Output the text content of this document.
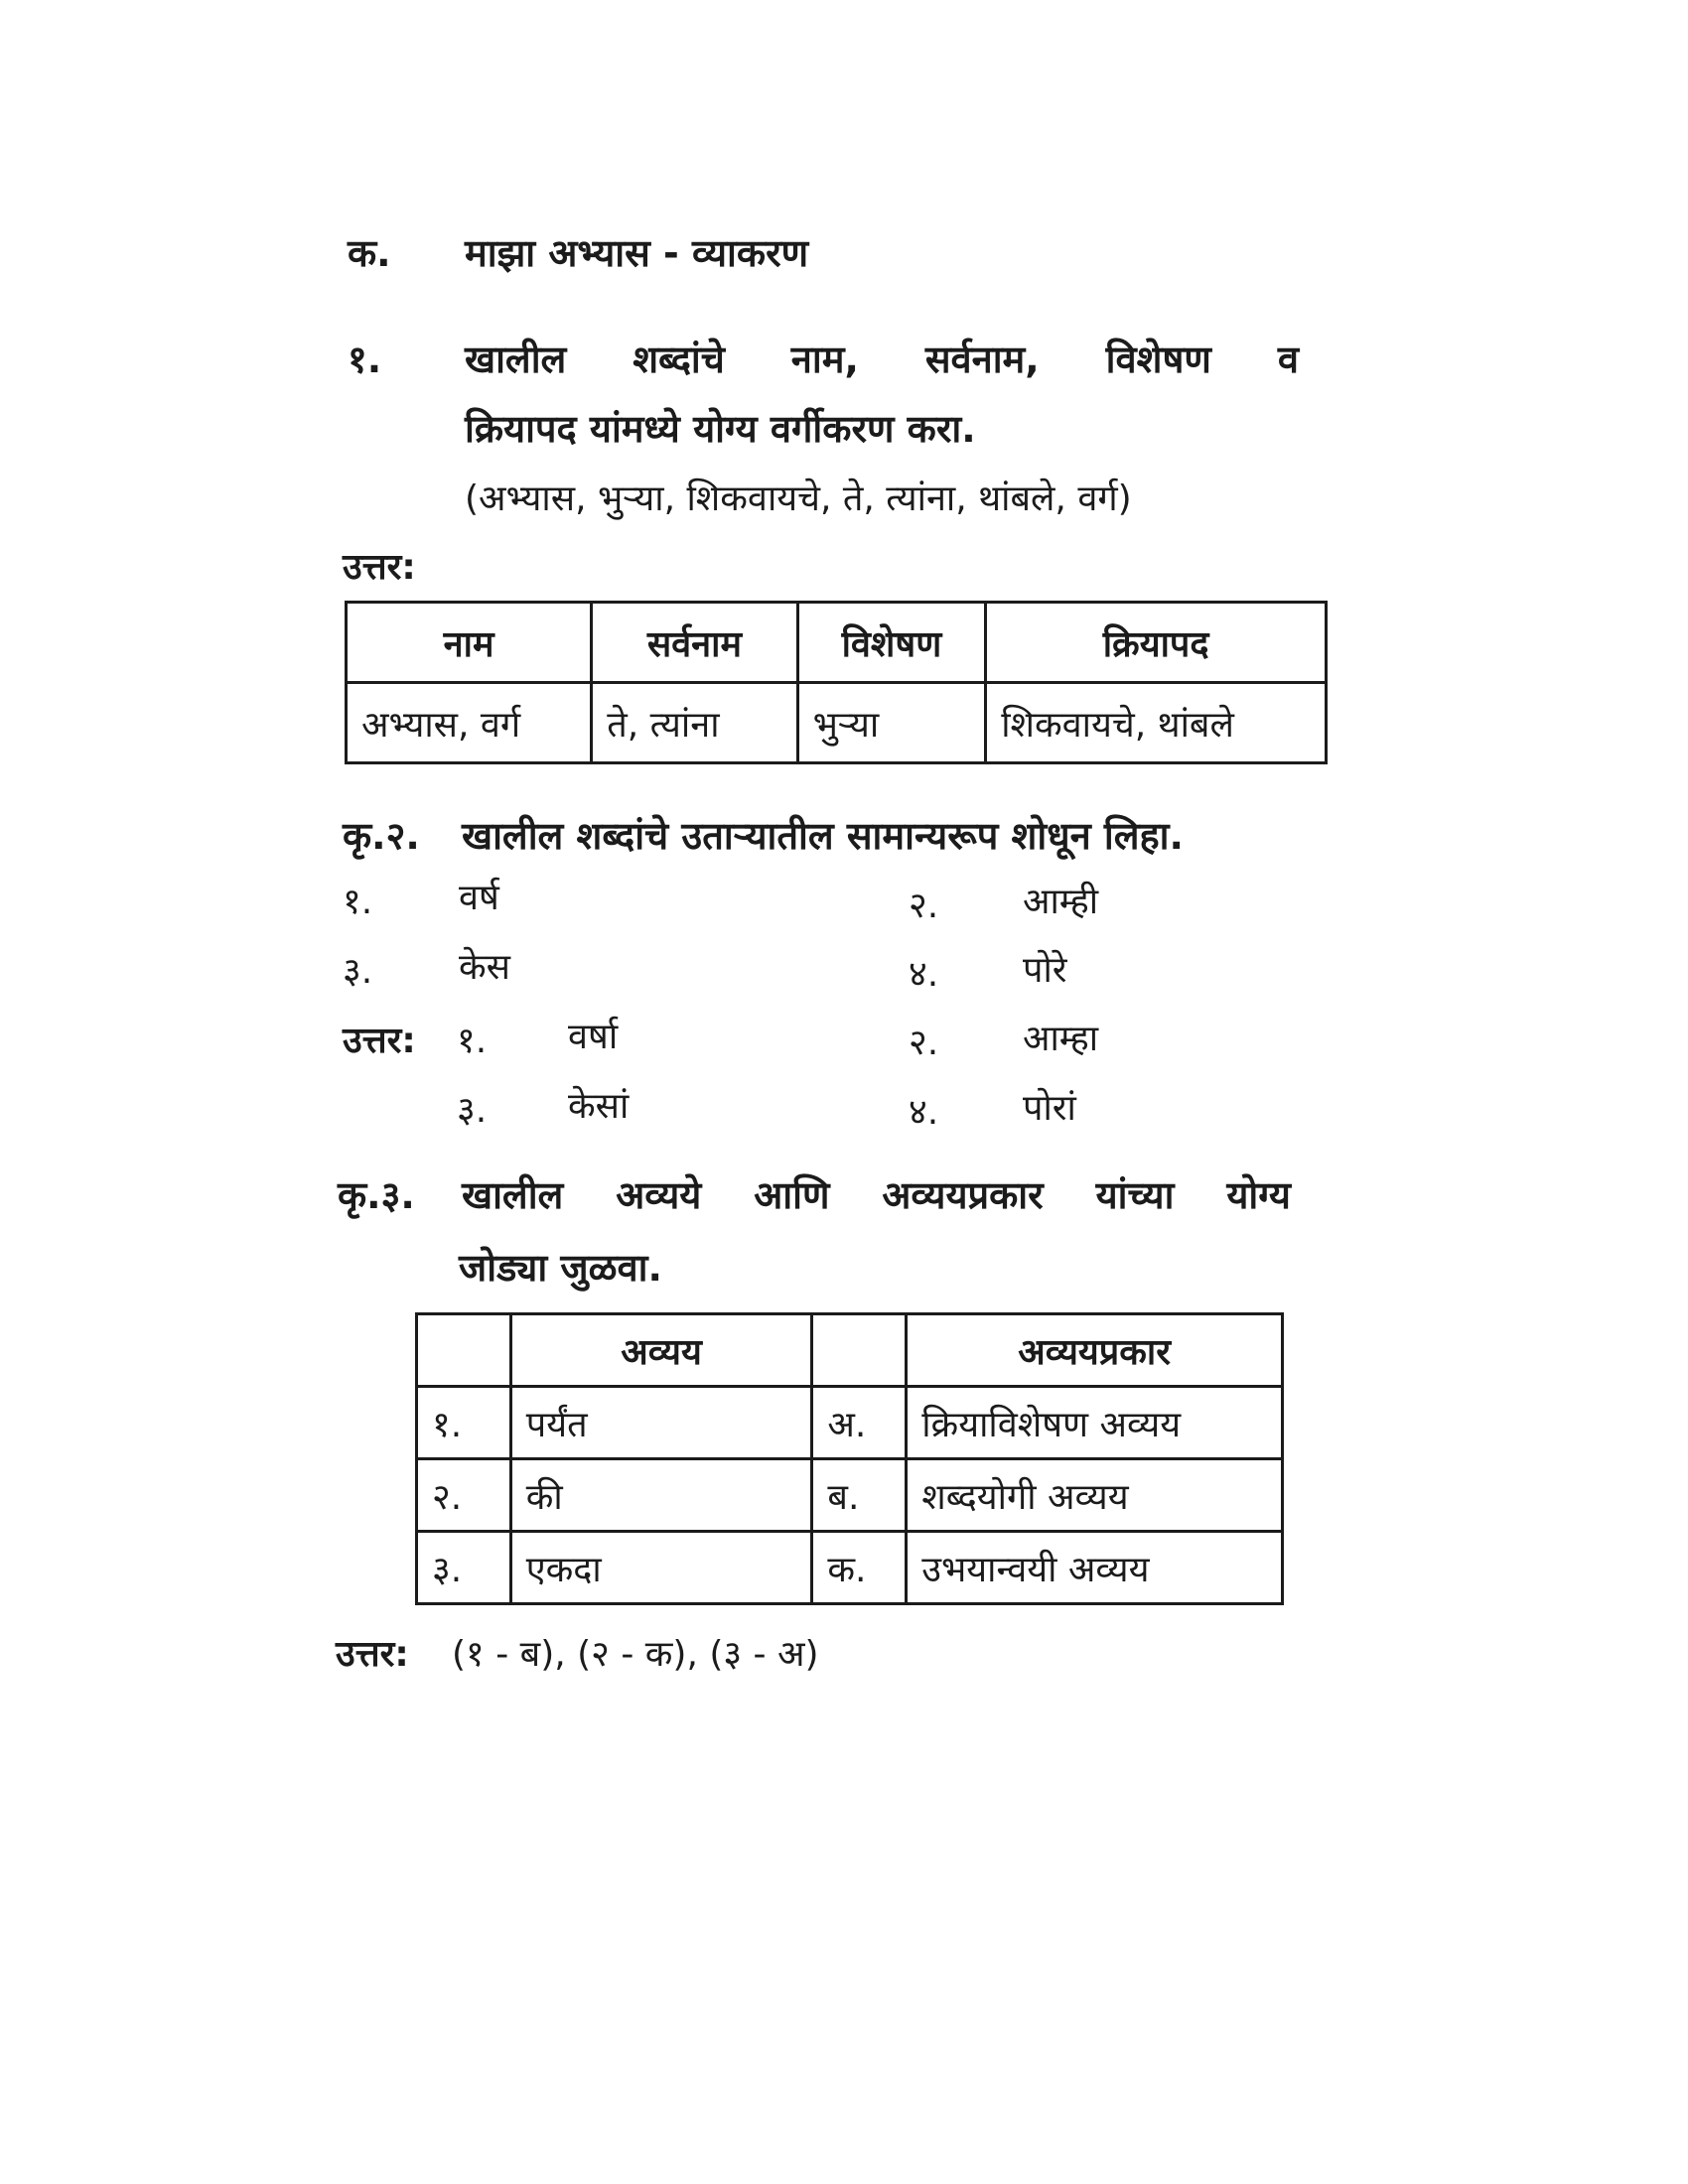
क. माझा अभ्यास - व्याकरण
१. खालील शब्दांचे नाम, सर्वनाम, विशेषण व
क्रियापद यांमध्ये योग्य वर्गीकरण करा.
(अभ्यास, भुऱ्या, शिकवायचे, ते, त्यांना, थांबले, वर्ग)
उत्तर:
नाम	सर्वनाम	विशेषण	क्रियापद
अभ्यास, वर्ग	ते, त्यांना	भुऱ्या	शिकवायचे, थांबले
कृ.२. खालील शब्दांचे उताऱ्यातील सामान्यरूप शोधून लिहा.
१. वर्ष	२. आम्ही
३. केस	४. पोरे
उत्तर: १. वर्षा	२. आम्हा
३. केसां	४. पोरां
कृ.३. खालील अव्यये आणि अव्ययप्रकार यांच्या योग्य
जोड्या जुळवा.
	अव्यय		अव्ययप्रकार
१.	पर्यंत	अ.	क्रियाविशेषण अव्यय
२.	की	ब.	शब्दयोगी अव्यय
३.	एकदा	क.	उभयान्वयी अव्यय
उत्तर: (१ - ब), (२ - क), (३ - अ)
